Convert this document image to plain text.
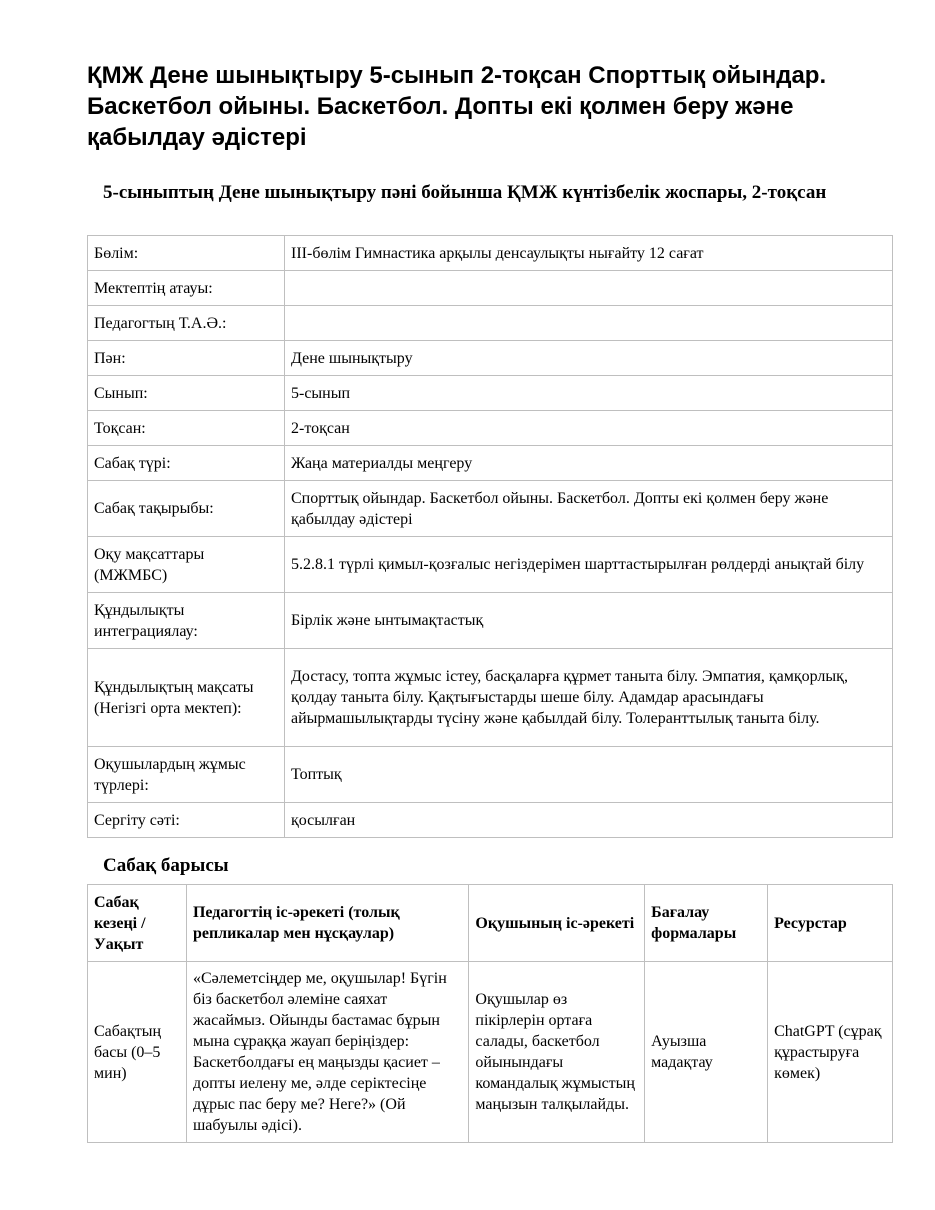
ҚМЖ Дене шынықтыру 5-сынып 2-тоқсан Спорттық ойындар. Баскетбол ойыны. Баскетбол. Допты екі қолмен беру және қабылдау әдістері
5-сыныптың Дене шынықтыру пәні бойынша ҚМЖ күнтізбелік жоспары, 2-тоқсан
Бөлім:	ІІІ-бөлім Гимнастика арқылы денсаулықты нығайту 12 сағат
Мектептің атауы:	
Педагогтың Т.А.Ә.:	
Пән:	Дене шынықтыру
Сынып:	5-сынып
Тоқсан:	2-тоқсан
Сабақ түрі:	Жаңа материалды меңгеру
Сабақ тақырыбы:	Спорттық ойындар. Баскетбол ойыны. Баскетбол. Допты екі қолмен беру және қабылдау әдістері
Оқу мақсаттары (МЖМБС)	5.2.8.1 түрлі қимыл-қозғалыс негіздерімен шарттастырылған рөлдерді анықтай білу
Құндылықты интеграциялау:	Бірлік және ынтымақтастық
Құндылықтың мақсаты (Негізгі орта мектеп):	Достасу, топта жұмыс істеу, басқаларға құрмет таныта білу. Эмпатия, қамқорлық, қолдау таныта білу. Қақтығыстарды шеше білу. Адамдар арасындағы айырмашылықтарды түсіну және қабылдай білу. Толеранттылық таныта білу.
Оқушылардың жұмыс түрлері:	Топтық
Сергіту сәті:	қосылған
Сабақ барысы
Сабақ кезеңі / Уақыт	Педагогтің іс-әрекеті (толық репликалар мен нұсқаулар)	Оқушының іс-әрекеті	Бағалау формалары	Ресурстар
Сабақтың басы (0–5 мин)	«Сәлеметсіңдер ме, оқушылар! Бүгін біз баскетбол әлеміне саяхат жасаймыз. Ойынды бастамас бұрын мына сұраққа жауап беріңіздер: Баскетболдағы ең маңызды қасиет – допты иелену ме, әлде серіктесіңе дұрыс пас беру ме? Неге?» (Ой шабуылы әдісі).	Оқушылар өз пікірлерін ортаға салады, баскетбол ойынындағы командалық жұмыстың маңызын талқылайды.	Ауызша мадақтау	ChatGPT (сұрақ құрастыруға көмек)
